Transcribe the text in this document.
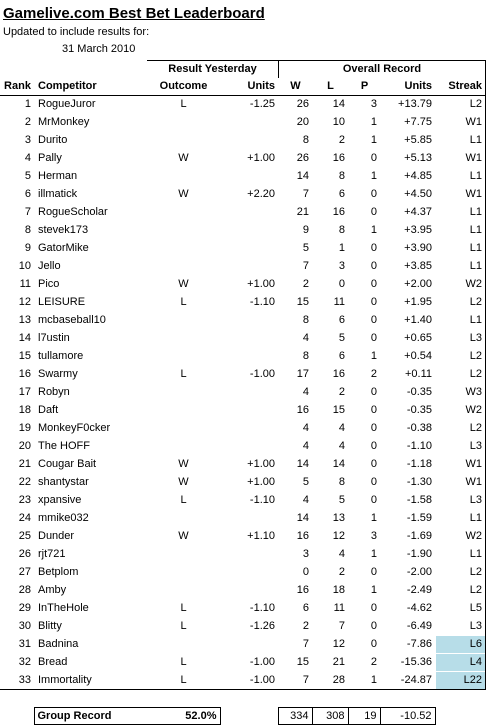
Gamelive.com Best Bet Leaderboard
Updated to include results for:
31 March 2010
		Result Yesterday		Overall Record				
Rank	Competitor	Outcome	Units	W	L	P	Units	Streak
1	RogueJuror	L	-1.25	26	14	3	+13.79	L2
2	MrMonkey			20	10	1	+7.75	W1
3	Durito			8	2	1	+5.85	L1
4	Pally	W	+1.00	26	16	0	+5.13	W1
5	Herman			14	8	1	+4.85	L1
6	illmatick	W	+2.20	7	6	0	+4.50	W1
7	RogueScholar			21	16	0	+4.37	L1
8	stevek173			9	8	1	+3.95	L1
9	GatorMike			5	1	0	+3.90	L1
10	Jello			7	3	0	+3.85	L1
11	Pico	W	+1.00	2	0	0	+2.00	W2
12	LEISURE	L	-1.10	15	11	0	+1.95	L2
13	mcbaseball10			8	6	0	+1.40	L1
14	l7ustin			4	5	0	+0.65	L3
15	tullamore			8	6	1	+0.54	L2
16	Swarmy	L	-1.00	17	16	2	+0.11	L2
17	Robyn			4	2	0	-0.35	W3
18	Daft			16	15	0	-0.35	W2
19	MonkeyF0cker			4	4	0	-0.38	L2
20	The HOFF			4	4	0	-1.10	L3
21	Cougar Bait	W	+1.00	14	14	0	-1.18	W1
22	shantystar	W	+1.00	5	8	0	-1.30	W1
23	xpansive	L	-1.10	4	5	0	-1.58	L3
24	mmike032			14	13	1	-1.59	L1
25	Dunder	W	+1.10	16	12	3	-1.69	W2
26	rjt721			3	4	1	-1.90	L1
27	Betplom			0	2	0	-2.00	L2
28	Amby			16	18	1	-2.49	L2
29	InTheHole	L	-1.10	6	11	0	-4.62	L5
30	Blitty	L	-1.26	2	7	0	-6.49	L3
31	Badnina			7	12	0	-7.86	L6
32	Bread	L	-1.00	15	21	2	-15.36	L4
33	Immortality	L	-1.00	7	28	1	-24.87	L22
	Group Record	52.0%		334	308	19	-10.52
